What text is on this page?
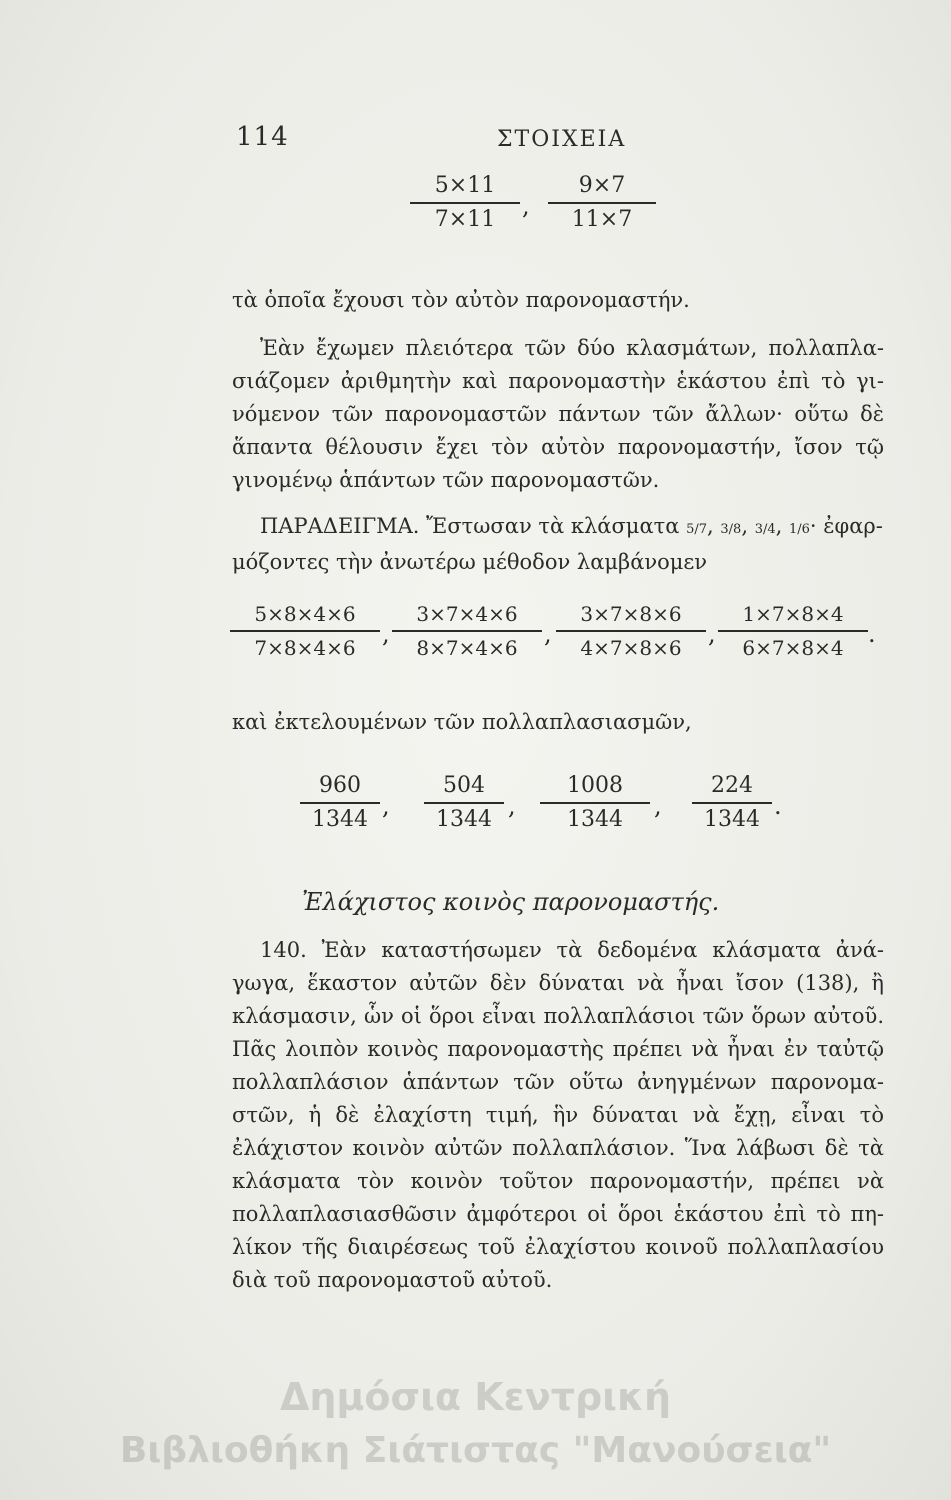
114	ΣΤΟΙΧΕΙΑ
5×11
7×11	,
9×7
11×7
τὰ ὁποῖα ἔχουσι τὸν αὐτὸν παρονομαστήν.
Ἐὰν ἔχωμεν πλειότερα τῶν δύο κλασμάτων, πολλαπλα-
σιάζομεν ἀριθμητὴν καὶ παρονομαστὴν ἑκάστου ἐπὶ τὸ γι-
νόμενον τῶν παρονομαστῶν πάντων τῶν ἄλλων· οὕτω δὲ
ἅπαντα θέλουσιν ἔχει τὸν αὐτὸν παρονομαστήν, ἴσον τῷ
γινομένῳ ἁπάντων τῶν παρονομαστῶν.
ΠΑΡΑΔΕΙΓΜΑ. Ἔστωσαν τὰ κλάσματα 5/7, 3/8, 3/4, 1/6· ἐφαρ-
μόζοντες τὴν ἀνωτέρω μέθοδον λαμβάνομεν
5×8×4×6
7×8×4×6	,
3×7×4×6
8×7×4×6	,
3×7×8×6
4×7×8×6	,
1×7×8×4
6×7×8×4	.
καὶ ἐκτελουμένων τῶν πολλαπλασιασμῶν,
960
1344 ,
504
1344 ,
1008
1344	,
224
1344 .
Ἐλάχιστος κοινὸς παρονομαστής.
140. Ἐὰν καταστήσωμεν τὰ δεδομένα κλάσματα ἀνά-
γωγα, ἕκαστον αὐτῶν δὲν δύναται νὰ ἦναι ἴσον (138), ἢ
κλάσμασιν, ὧν οἱ ὅροι εἶναι πολλαπλάσιοι τῶν ὅρων αὐτοῦ.
Πᾶς λοιπὸν κοινὸς παρονομαστὴς πρέπει νὰ ἦναι ἐν ταὐτῷ
πολλαπλάσιον ἁπάντων τῶν οὕτω ἀνηγμένων παρονομα-
στῶν, ἡ δὲ ἐλαχίστη τιμή, ἣν δύναται νὰ ἔχῃ, εἶναι τὸ
ἐλάχιστον κοινὸν αὐτῶν πολλαπλάσιον. Ἵνα λάβωσι δὲ τὰ
κλάσματα τὸν κοινὸν τοῦτον παρονομαστήν, πρέπει νὰ
πολλαπλασιασθῶσιν ἀμφότεροι οἱ ὅροι ἑκάστου ἐπὶ τὸ πη-
λίκον τῆς διαιρέσεως τοῦ ἐλαχίστου κοινοῦ πολλαπλασίου
διὰ τοῦ παρονομαστοῦ αὐτοῦ.
Δημόσια Κεντρική
Βιβλιοθήκη Σιάτιστας "Μανούσεια"
